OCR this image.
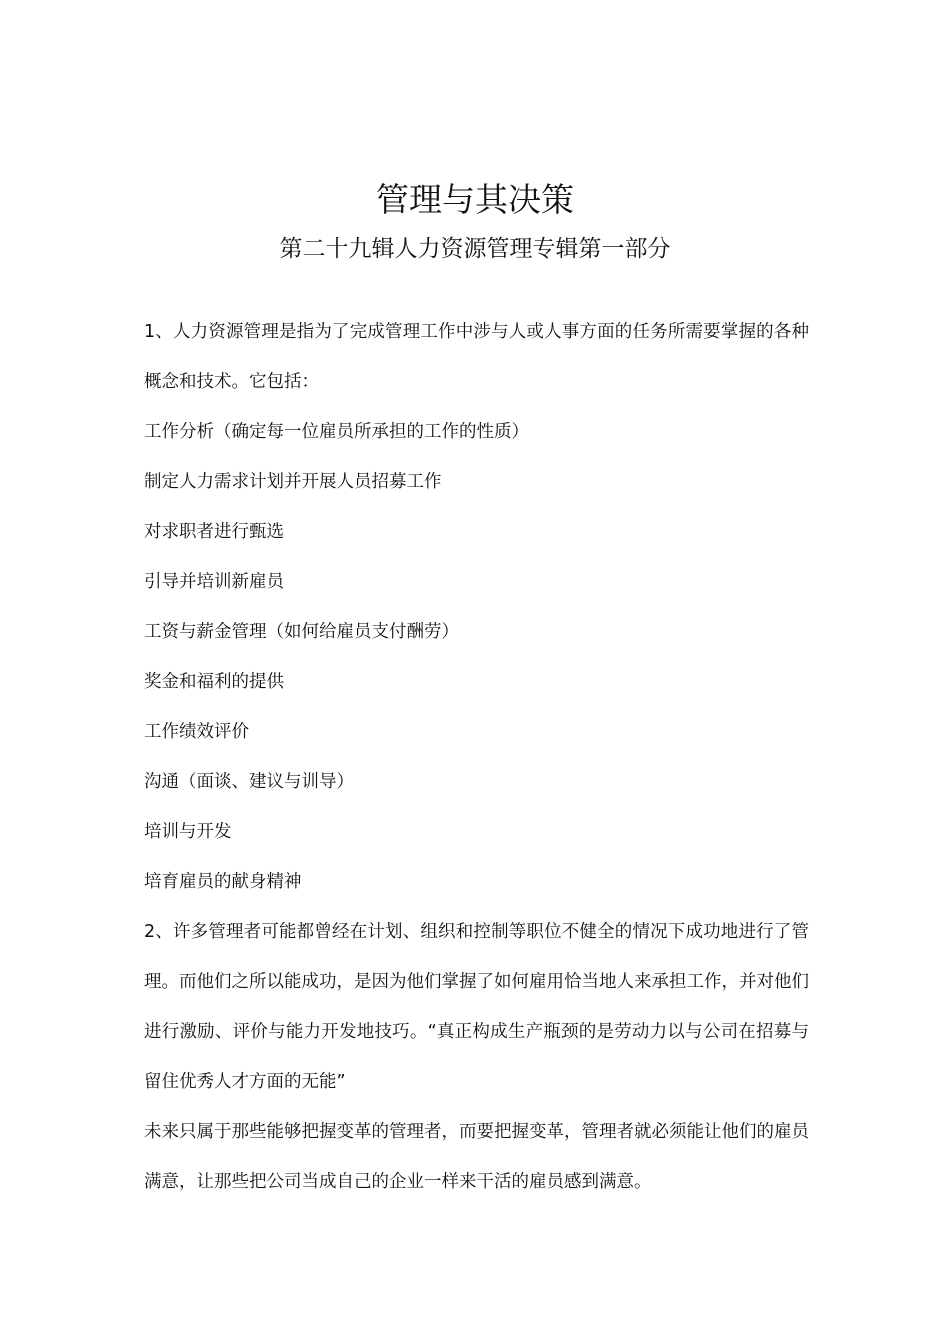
管理与其决策
第二十九辑人力资源管理专辑第一部分

1、人力资源管理是指为了完成管理工作中涉与人或人事方面的任务所需要掌握的各种概念和技术。它包括：

工作分析（确定每一位雇员所承担的工作的性质）

制定人力需求计划并开展人员招募工作

对求职者进行甄选

引导并培训新雇员

工资与薪金管理（如何给雇员支付酬劳）

奖金和福利的提供

工作绩效评价

沟通（面谈、建议与训导）

培训与开发

培育雇员的献身精神

2、许多管理者可能都曾经在计划、组织和控制等职位不健全的情况下成功地进行了管理。而他们之所以能成功，是因为他们掌握了如何雇用恰当地人来承担工作，并对他们进行激励、评价与能力开发地技巧。“真正构成生产瓶颈的是劳动力以与公司在招募与留住优秀人才方面的无能”

未来只属于那些能够把握变革的管理者，而要把握变革，管理者就必须能让他们的雇员满意，让那些把公司当成自己的企业一样来干活的雇员感到满意。
